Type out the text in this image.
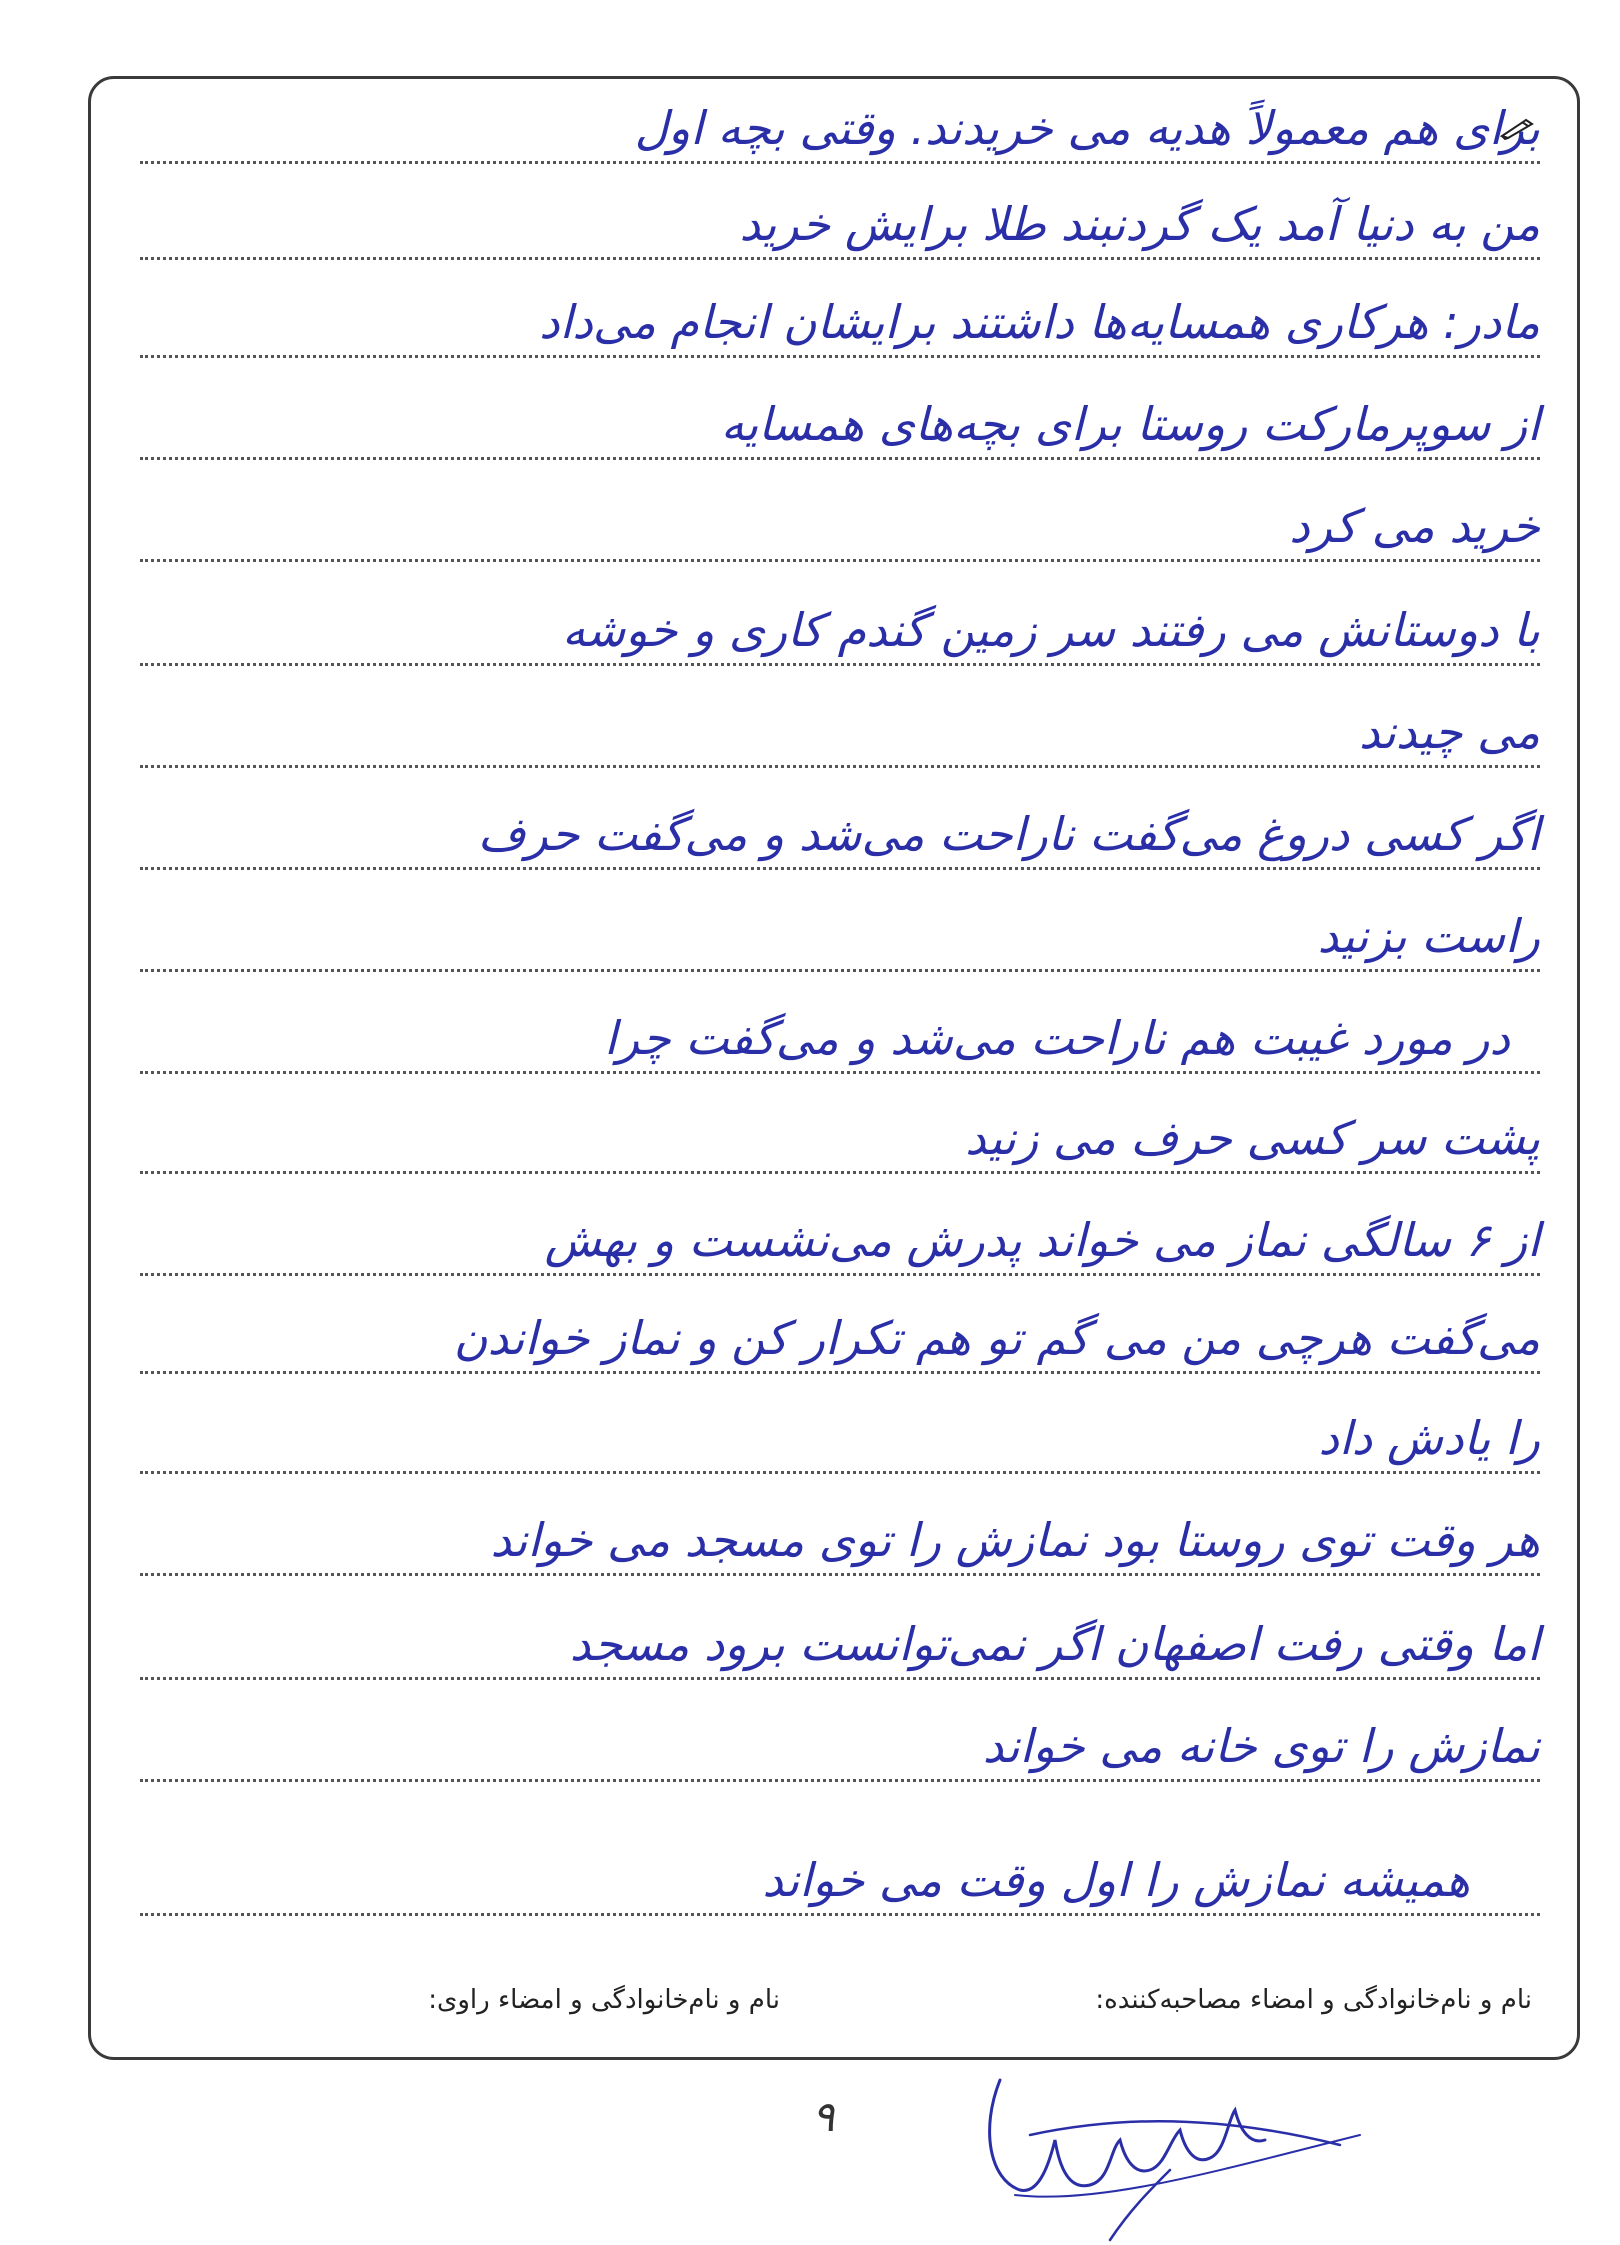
برای هم معمولاً هدیه می خریدند. وقتی بچه اول
من به دنیا آمد یک گردنبند طلا برایش خرید
مادر: هرکاری همسایه‌ها داشتند برایشان انجام می‌داد
از سوپرمارکت روستا برای بچه‌های همسایه
خرید می کرد
با دوستانش می رفتند سر زمین گندم کاری و خوشه
می چیدند
اگر کسی دروغ می‌گفت ناراحت می‌شد و می‌گفت حرف
راست بزنید
در مورد غیبت هم ناراحت می‌شد و می‌گفت چرا
پشت سر کسی حرف می زنید
از ۶ سالگی نماز می خواند پدرش می‌نشست و بهش
می‌گفت هرچی من می گم تو هم تکرار کن و نماز خواندن
را یادش داد
هر وقت توی روستا بود نمازش را توی مسجد می خواند
اما وقتی رفت اصفهان اگر نمی‌توانست برود مسجد
نمازش را توی خانه می خواند
همیشه نمازش را اول وقت می خواند
نام و نام‌خانوادگی و امضاء مصاحبه‌کننده:
نام و نام‌خانوادگی و امضاء راوی:
۹
